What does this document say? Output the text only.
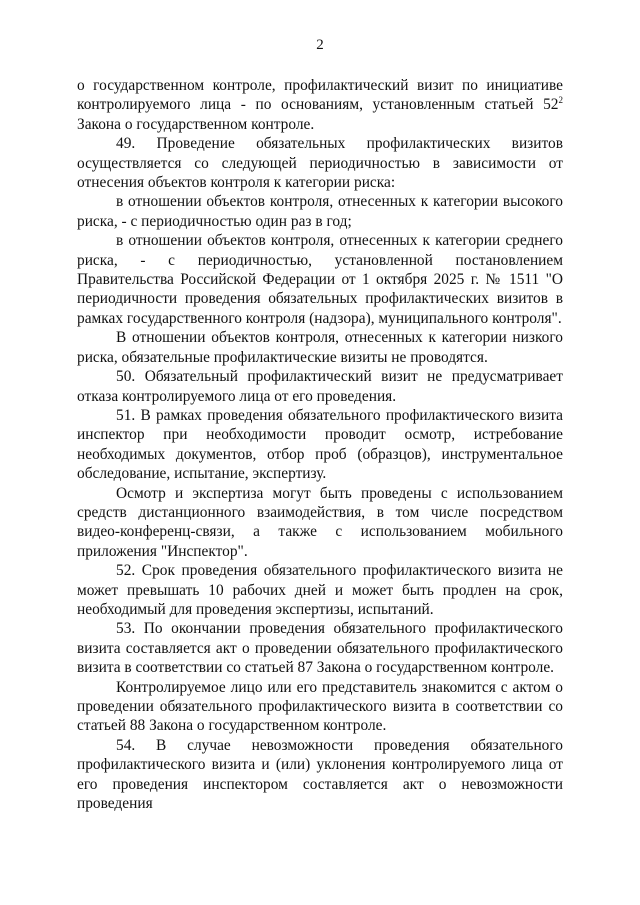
2

о государственном контроле, профилактический визит по инициативе контролируемого лица - по основаниям, установленным статьей $52^2$ Закона о государственном контроле.

49. Проведение обязательных профилактических визитов осуществляется со следующей периодичностью в зависимости от отнесения объектов контроля к категории риска:

в отношении объектов контроля, отнесенных к категории высокого риска, - с периодичностью один раз в год;

в отношении объектов контроля, отнесенных к категории среднего риска, - с периодичностью, установленной постановлением Правительства Российской Федерации от 1 октября 2025 г. № 1511 "О периодичности проведения обязательных профилактических визитов в рамках государственного контроля (надзора), муниципального контроля".

В отношении объектов контроля, отнесенных к категории низкого риска, обязательные профилактические визиты не проводятся.

50. Обязательный профилактический визит не предусматривает отказа контролируемого лица от его проведения.

51. В рамках проведения обязательного профилактического визита инспектор при необходимости проводит осмотр, истребование необходимых документов, отбор проб (образцов), инструментальное обследование, испытание, экспертизу.

Осмотр и экспертиза могут быть проведены с использованием средств дистанционного взаимодействия, в том числе посредством видео-конференц-связи, а также с использованием мобильного приложения "Инспектор".

52. Срок проведения обязательного профилактического визита не может превышать 10 рабочих дней и может быть продлен на срок, необходимый для проведения экспертизы, испытаний.

53. По окончании проведения обязательного профилактического визита составляется акт о проведении обязательного профилактического визита в соответствии со статьей 87 Закона о государственном контроле.

Контролируемое лицо или его представитель знакомится с актом о проведении обязательного профилактического визита в соответствии со статьей 88 Закона о государственном контроле.

54. В случае невозможности проведения обязательного профилактического визита и (или) уклонения контролируемого лица от его проведения инспектором составляется акт о невозможности проведения
